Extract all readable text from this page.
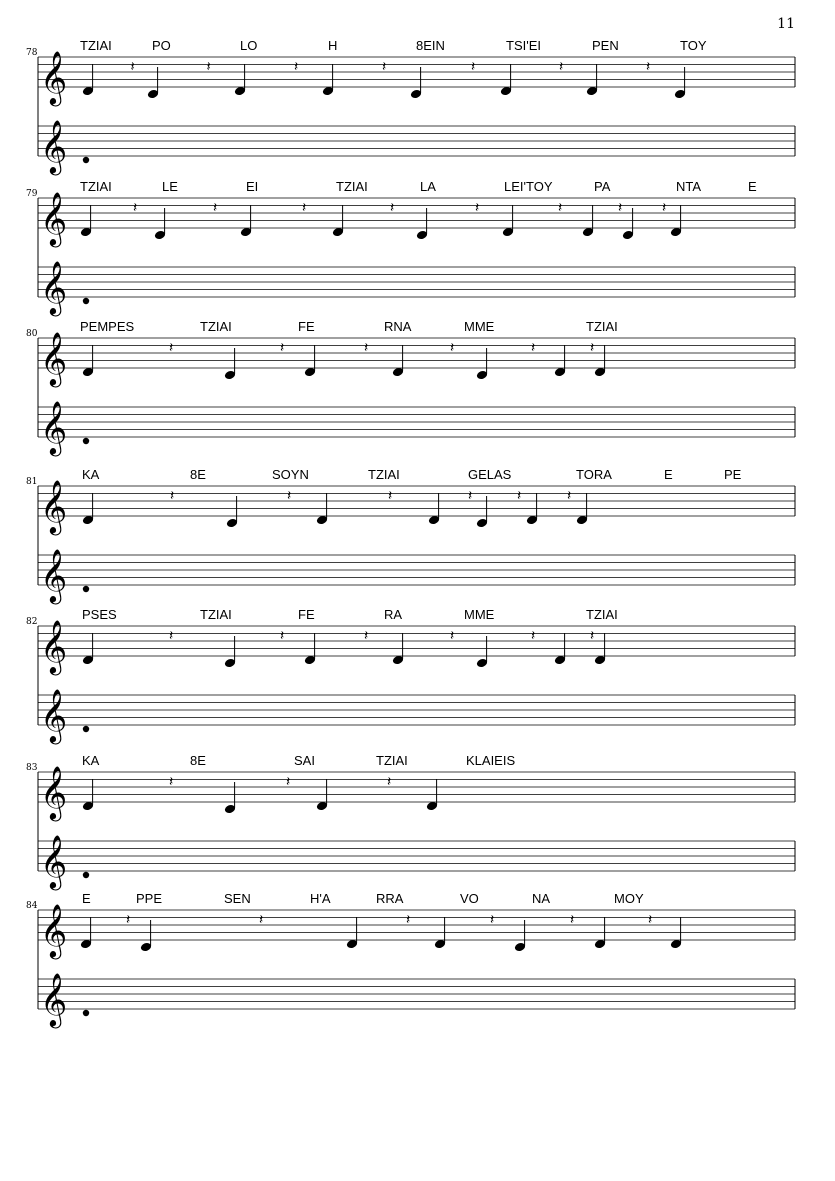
11
𝄞
𝄞
78	TZIAI	PO	LO	H	8EIN	TSI'EI	PEN	TOY
𝄽	𝄽	𝄽	𝄽	𝄽	𝄽	𝄽
𝄞
𝄞
79	TZIAI	LE	EI	TZIAI	LA	LEI'TOY	PA	NTA	E
𝄽	𝄽	𝄽	𝄽	𝄽	𝄽	𝄽	𝄽
𝄞
𝄞
80	PEMPES	TZIAI	FE	RNA	MME	TZIAI
𝄽	𝄽	𝄽	𝄽	𝄽	𝄽
𝄞
𝄞
81	KA	8E	SOYN	TZIAI	GELAS	TORA	E	PE
𝄽	𝄽	𝄽	𝄽	𝄽	𝄽
𝄞
𝄞
82	PSES	TZIAI	FE	RA	MME	TZIAI
𝄽	𝄽	𝄽	𝄽	𝄽	𝄽
𝄞
𝄞
83	KA	8E	SAI	TZIAI	KLAIEIS
𝄽	𝄽	𝄽
𝄞
𝄞
84	E	PPE	SEN	H'A	RRA	VO	NA	MOY
𝄽	𝄽	𝄽	𝄽	𝄽	𝄽
